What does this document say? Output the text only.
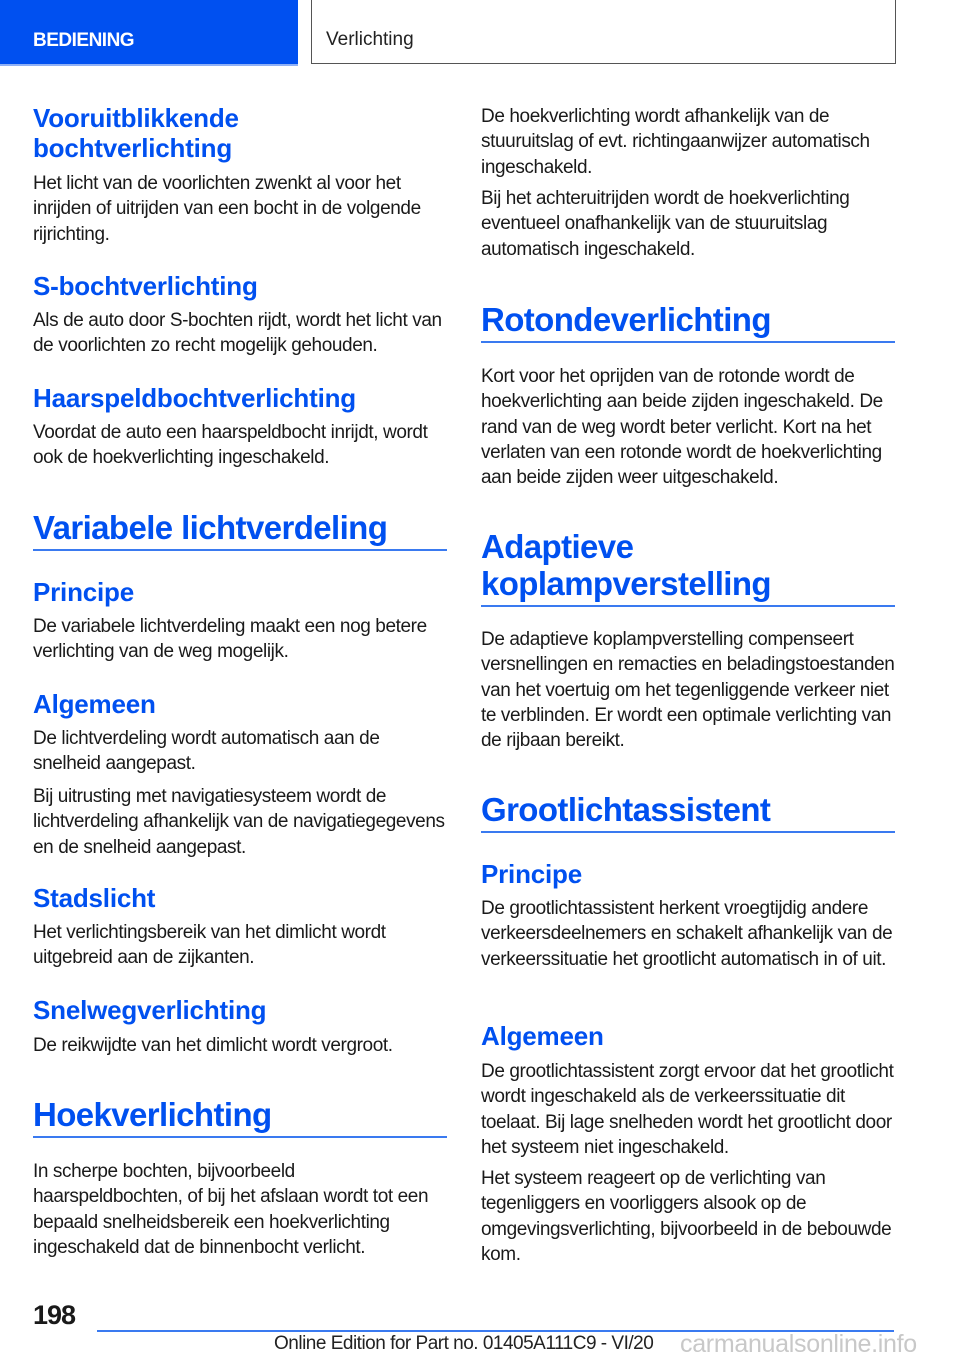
BEDIENING	Verlichting
Vooruitblikkende bochtverlichting
Het licht van de voorlichten zwenkt al voor het inrijden of uitrijden van een bocht in de volgende rijrichting.
S-bochtverlichting
Als de auto door S-bochten rijdt, wordt het licht van de voorlichten zo recht mogelijk gehouden.
Haarspeldbochtverlichting
Voordat de auto een haarspeldbocht inrijdt, wordt ook de hoekverlichting ingeschakeld.
Variabele lichtverdeling
Principe
De variabele lichtverdeling maakt een nog betere verlichting van de weg mogelijk.
Algemeen
De lichtverdeling wordt automatisch aan de snelheid aangepast.
Bij uitrusting met navigatiesysteem wordt de lichtverdeling afhankelijk van de navigatiegegevens en de snelheid aangepast.
Stadslicht
Het verlichtingsbereik van het dimlicht wordt uitgebreid aan de zijkanten.
Snelwegverlichting
De reikwijdte van het dimlicht wordt vergroot.
Hoekverlichting
In scherpe bochten, bijvoorbeeld haarspeldbochten, of bij het afslaan wordt tot een bepaald snelheidsbereik een hoekverlichting ingeschakeld dat de binnenbocht verlicht.
De hoekverlichting wordt afhankelijk van de stuuruitslag of evt. richtingaanwijzer automatisch ingeschakeld.
Bij het achteruitrijden wordt de hoekverlichting eventueel onafhankelijk van de stuuruitslag automatisch ingeschakeld.
Rotondeverlichting
Kort voor het oprijden van de rotonde wordt de hoekverlichting aan beide zijden ingeschakeld. De rand van de weg wordt beter verlicht. Kort na het verlaten van een rotonde wordt de hoekverlichting aan beide zijden weer uitgeschakeld.
Adaptieve koplampverstelling
De adaptieve koplampverstelling compenseert versnellingen en remacties en beladingstoestanden van het voertuig om het tegenliggende verkeer niet te verblinden. Er wordt een optimale verlichting van de rijbaan bereikt.
Grootlichtassistent
Principe
De grootlichtassistent herkent vroegtijdig andere verkeersdeelnemers en schakelt afhankelijk van de verkeerssituatie het grootlicht automatisch in of uit.
Algemeen
De grootlichtassistent zorgt ervoor dat het grootlicht wordt ingeschakeld als de verkeerssituatie dit toelaat. Bij lage snelheden wordt het grootlicht door het systeem niet ingeschakeld.
Het systeem reageert op de verlichting van tegenliggers en voorliggers alsook op de omgevingsverlichting, bijvoorbeeld in de bebouwde kom.
198
Online Edition for Part no. 01405A111C9 - VI/20 carmanualsonline.info
